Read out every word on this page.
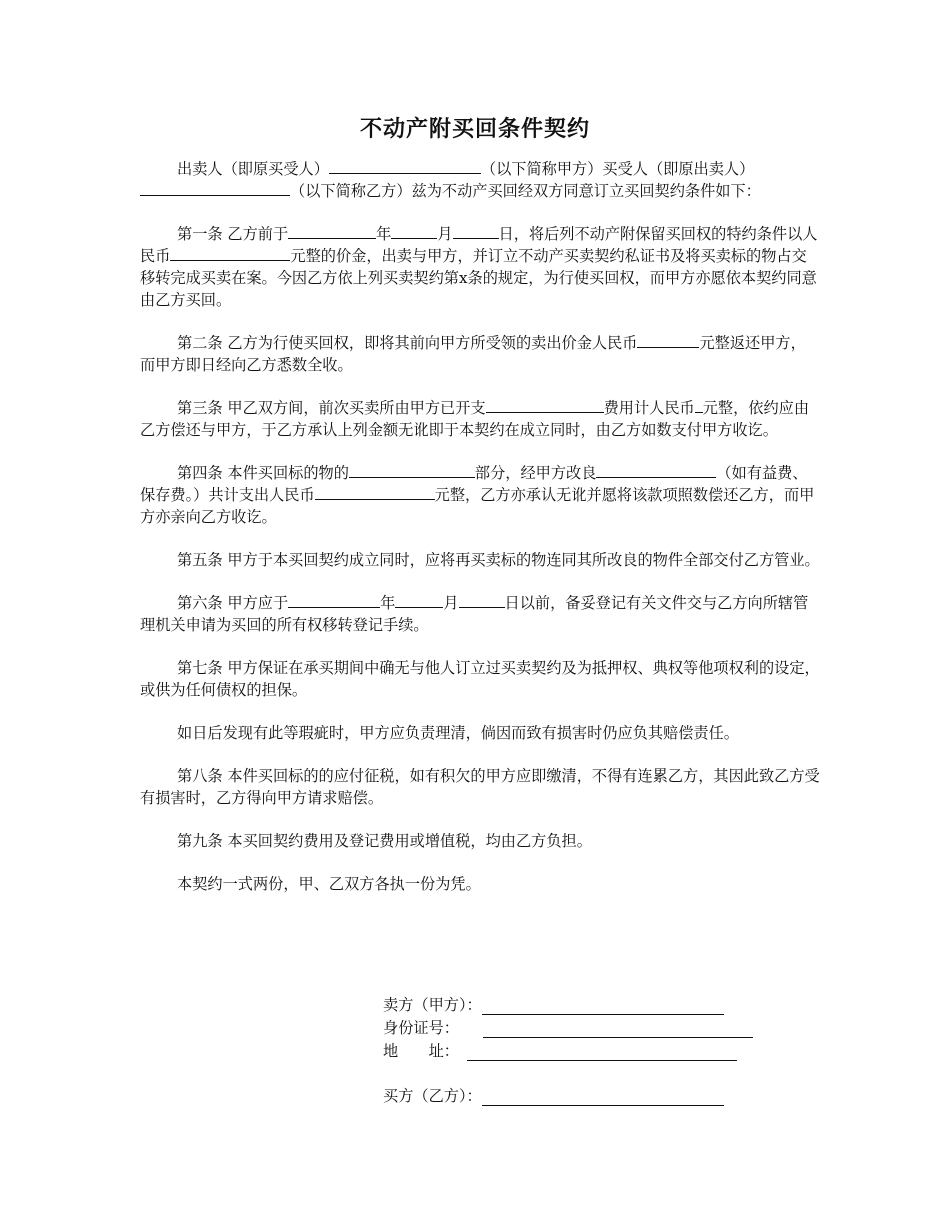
不动产附买回条件契约

出卖人（即原买受人）	（以下简称甲方）买受人（即原出卖人）（以下简称乙方）兹为不动产买回经双方同意订立买回契约条件如下：

第一条 乙方前于	年	月	日，将后列不动产附保留买回权的特约条件以人民币	元整的价金，出卖与甲方，并订立不动产买卖契约私证书及将买卖标的物占交移转完成买卖在案。今因乙方依上列买卖契约第x条的规定，为行使买回权，而甲方亦愿依本契约同意由乙方买回。

第二条 乙方为行使买回权，即将其前向甲方所受领的卖出价金人民币	元整返还甲方，而甲方即日经向乙方悉数全收。

第三条 甲乙双方间，前次买卖所由甲方已开支	费用计人民币 元整，依约应由乙方偿还与甲方，于乙方承认上列金额无讹即于本契约在成立同时，由乙方如数支付甲方收讫。

第四条 本件买回标的物的	部分，经甲方改良	（如有益费、保存费。）共计支出人民币	元整，乙方亦承认无讹并愿将该款项照数偿还乙方，而甲方亦亲向乙方收讫。

第五条 甲方于本买回契约成立同时，应将再买卖标的物连同其所改良的物件全部交付乙方管业。

第六条 甲方应于	年	月	日以前，备妥登记有关文件交与乙方向所辖管理机关申请为买回的所有权移转登记手续。

第七条 甲方保证在承买期间中确无与他人订立过买卖契约及为抵押权、典权等他项权利的设定，或供为任何债权的担保。

如日后发现有此等瑕疵时，甲方应负责理清，倘因而致有损害时仍应负其赔偿责任。

第八条 本件买回标的的应付征税，如有积欠的甲方应即缴清，不得有连累乙方，其因此致乙方受有损害时，乙方得向甲方请求赔偿。

第九条 本买回契约费用及登记费用或增值税，均由乙方负担。

本契约一式两份，甲、乙双方各执一份为凭。

卖方（甲方）：
身份证号：
地　　址：
买方（乙方）：
